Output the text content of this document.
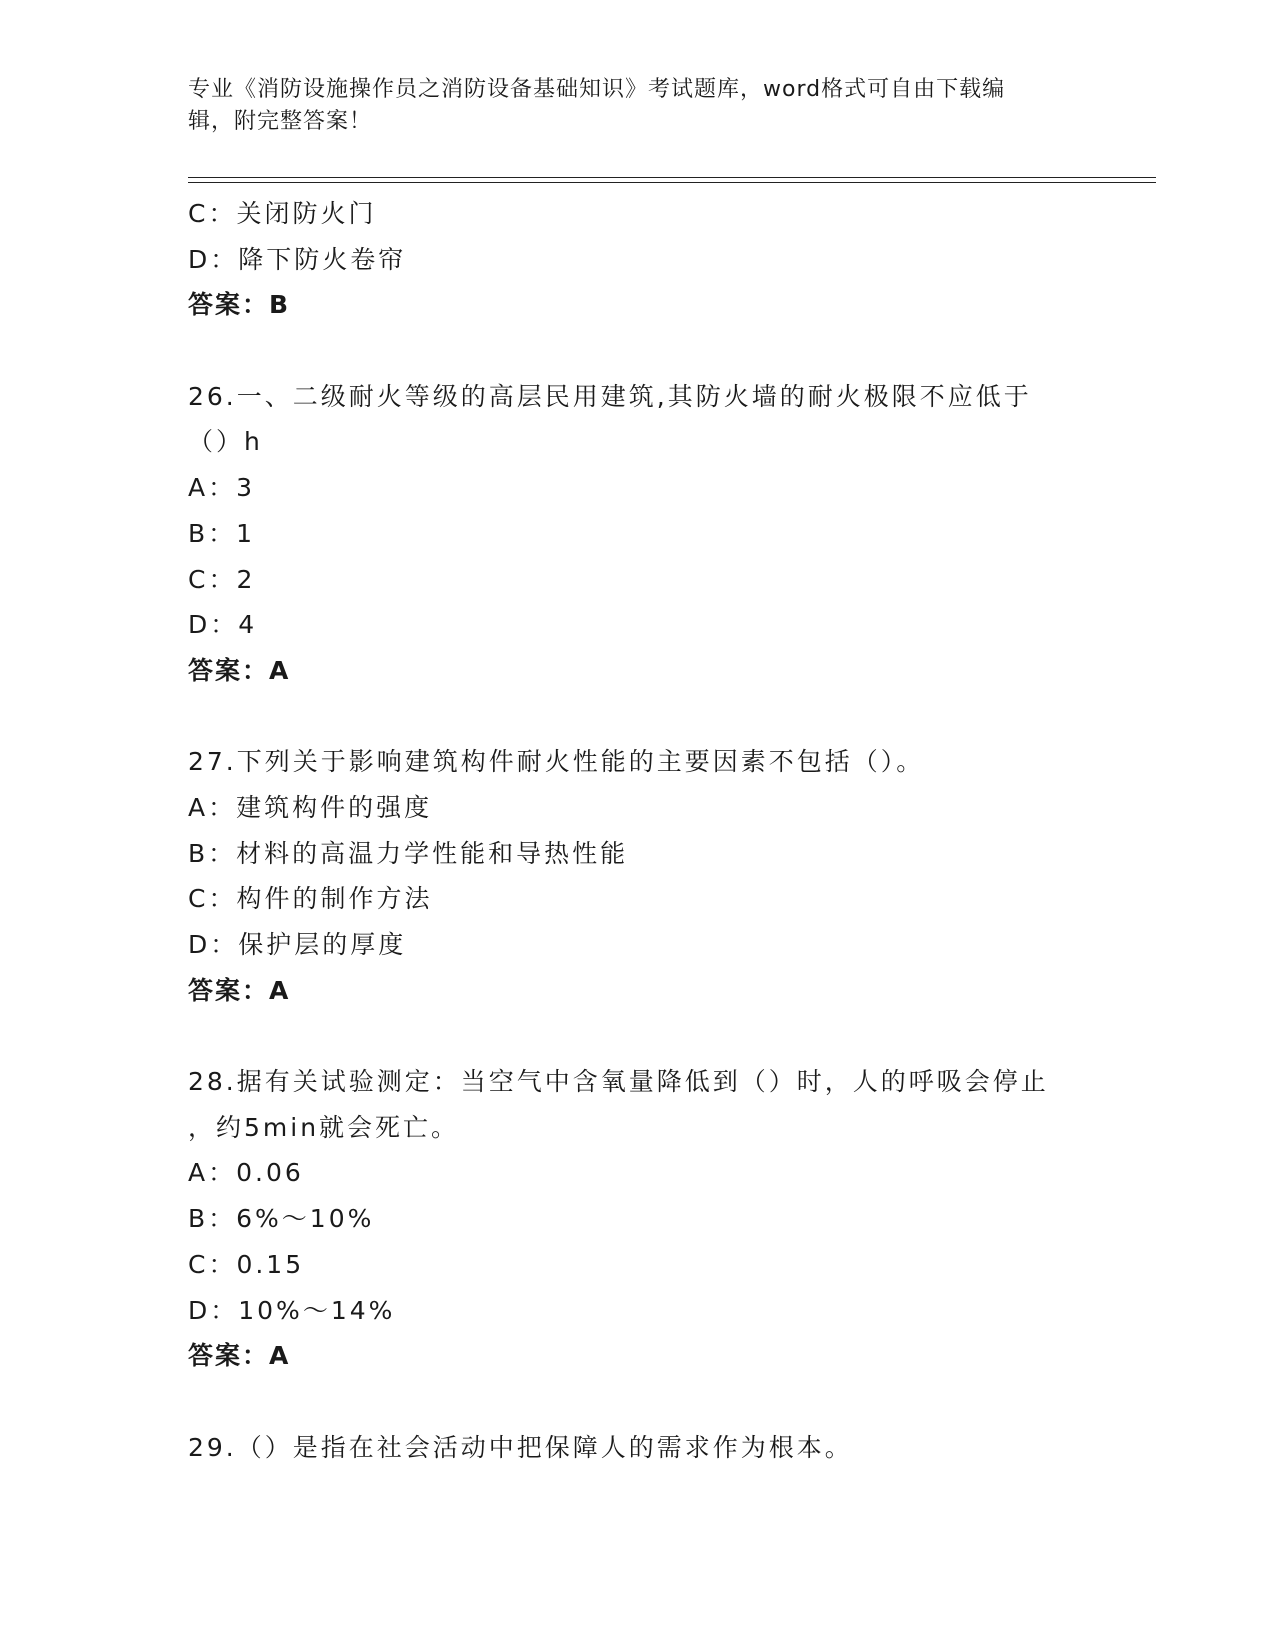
专业《消防设施操作员之消防设备基础知识》考试题库，word格式可自由下载编
辑，附完整答案！
C：关闭防火门
D：降下防火卷帘
答案：B
26.一、二级耐火等级的高层民用建筑,其防火墙的耐火极限不应低于
（）h
A：3
B：1
C：2
D：4
答案：A
27.下列关于影响建筑构件耐火性能的主要因素不包括（）。
A：建筑构件的强度
B：材料的高温力学性能和导热性能
C：构件的制作方法
D：保护层的厚度
答案：A
28.据有关试验测定：当空气中含氧量降低到（）时，人的呼吸会停止
，约5min就会死亡。
A：0.06
B：6%～10%
C：0.15
D：10%～14%
答案：A
29.（）是指在社会活动中把保障人的需求作为根本。
